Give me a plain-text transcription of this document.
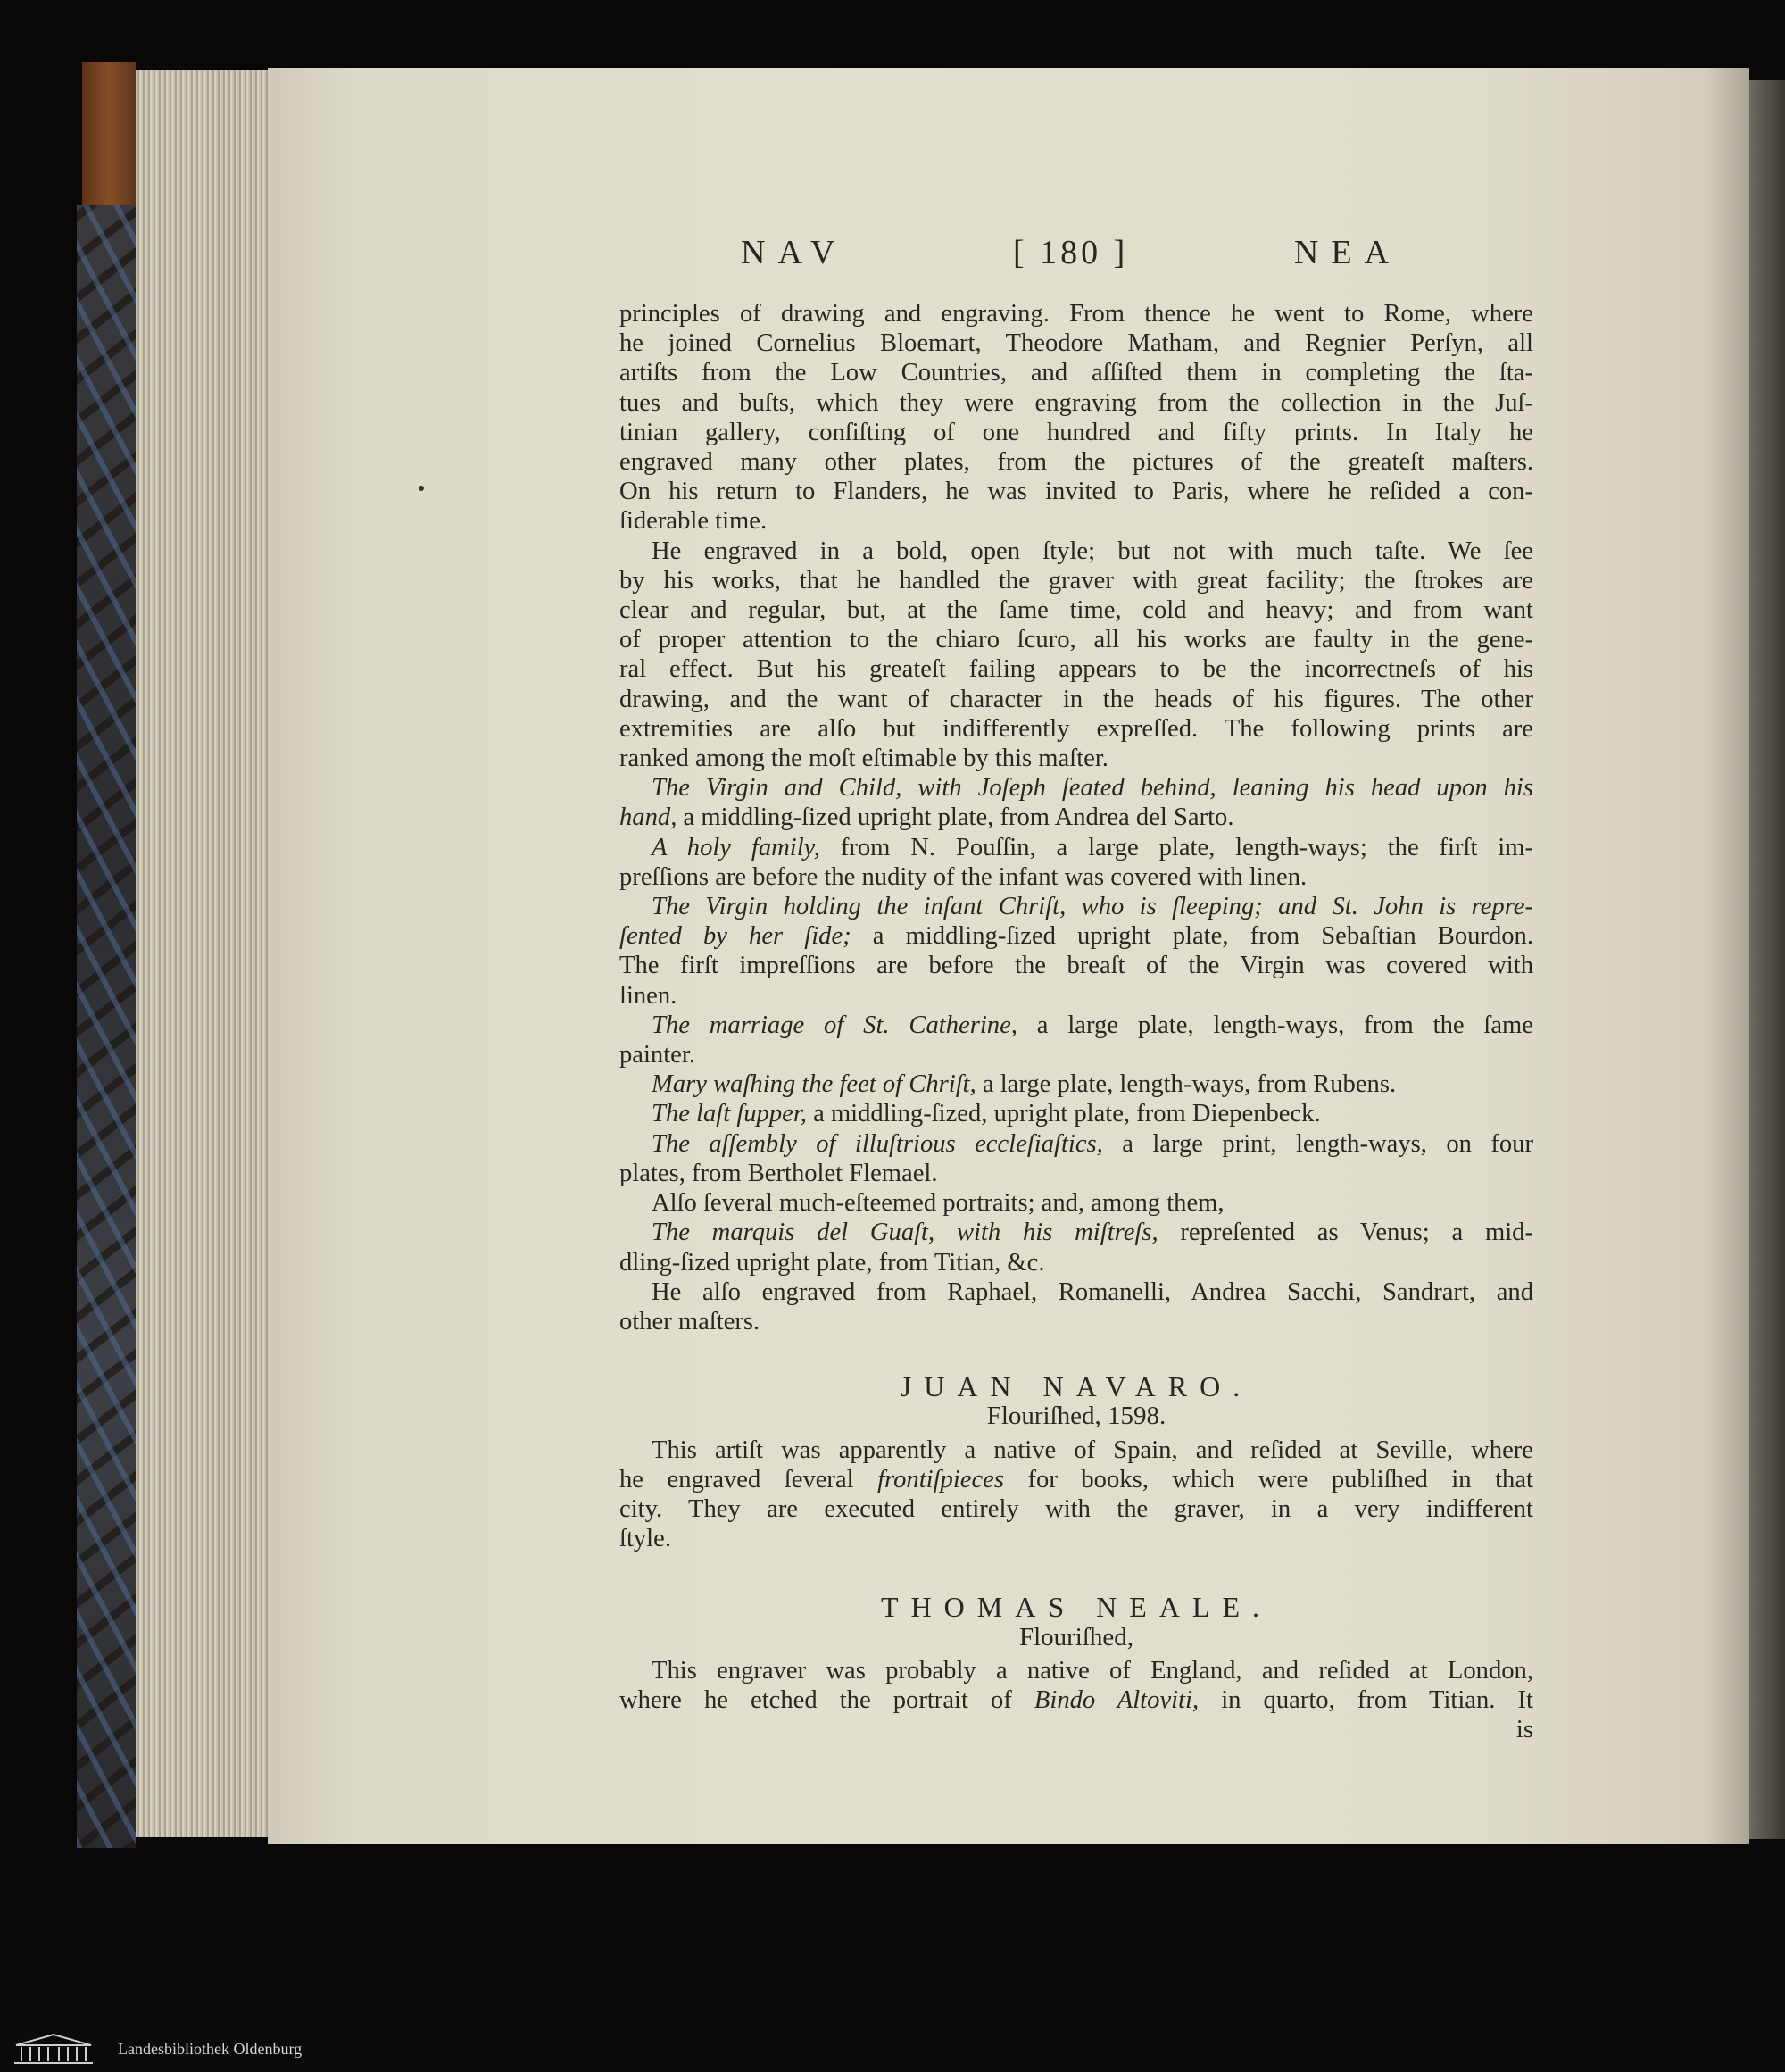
NAV	[ 180 ]	NEA

principles of drawing and engraving. From thence he went to Rome, where
he joined Cornelius Bloemart, Theodore Matham, and Regnier Perſyn, all
artiſts from the Low Countries, and aſſiſted them in completing the ſta-
tues and buſts, which they were engraving from the collection in the Juſ-
tinian gallery, conſiſting of one hundred and fifty prints. In Italy he
engraved many other plates, from the pictures of the greateſt maſters.
On his return to Flanders, he was invited to Paris, where he reſided a con-
ſiderable time.

He engraved in a bold, open ſtyle; but not with much taſte. We ſee
by his works, that he handled the graver with great facility; the ſtrokes are
clear and regular, but, at the ſame time, cold and heavy; and from want
of proper attention to the chiaro ſcuro, all his works are faulty in the gene-
ral effect. But his greateſt failing appears to be the incorrectneſs of his
drawing, and the want of character in the heads of his figures. The other
extremities are alſo but indifferently expreſſed. The following prints are
ranked among the moſt eſtimable by this maſter.

The Virgin and Child, with Joſeph ſeated behind, leaning his head upon his
hand, a middling-ſized upright plate, from Andrea del Sarto.

A holy family, from N. Pouſſin, a large plate, length-ways; the firſt im-
preſſions are before the nudity of the infant was covered with linen.

The Virgin holding the infant Chriſt, who is ſleeping; and St. John is repre-
ſented by her ſide; a middling-ſized upright plate, from Sebaſtian Bourdon.
The firſt impreſſions are before the breaſt of the Virgin was covered with
linen.

The marriage of St. Catherine, a large plate, length-ways, from the ſame
painter.

Mary waſhing the feet of Chriſt, a large plate, length-ways, from Rubens.

The laſt ſupper, a middling-ſized, upright plate, from Diepenbeck.

The aſſembly of illuſtrious eccleſiaſtics, a large print, length-ways, on four
plates, from Bertholet Flemael.

Alſo ſeveral much-eſteemed portraits; and, among them,

The marquis del Guaſt, with his miſtreſs, repreſented as Venus; a mid-
dling-ſized upright plate, from Titian, &c.

He alſo engraved from Raphael, Romanelli, Andrea Sacchi, Sandrart, and
other maſters.

JUAN NAVARO.

Flouriſhed, 1598.

This artiſt was apparently a native of Spain, and reſided at Seville, where
he engraved ſeveral frontiſpieces for books, which were publiſhed in that
city. They are executed entirely with the graver, in a very indifferent
ſtyle.

THOMAS NEALE.

Flouriſhed,

This engraver was probably a native of England, and reſided at London,
where he etched the portrait of Bindo Altoviti, in quarto, from Titian. It

is

Landesbibliothek Oldenburg
